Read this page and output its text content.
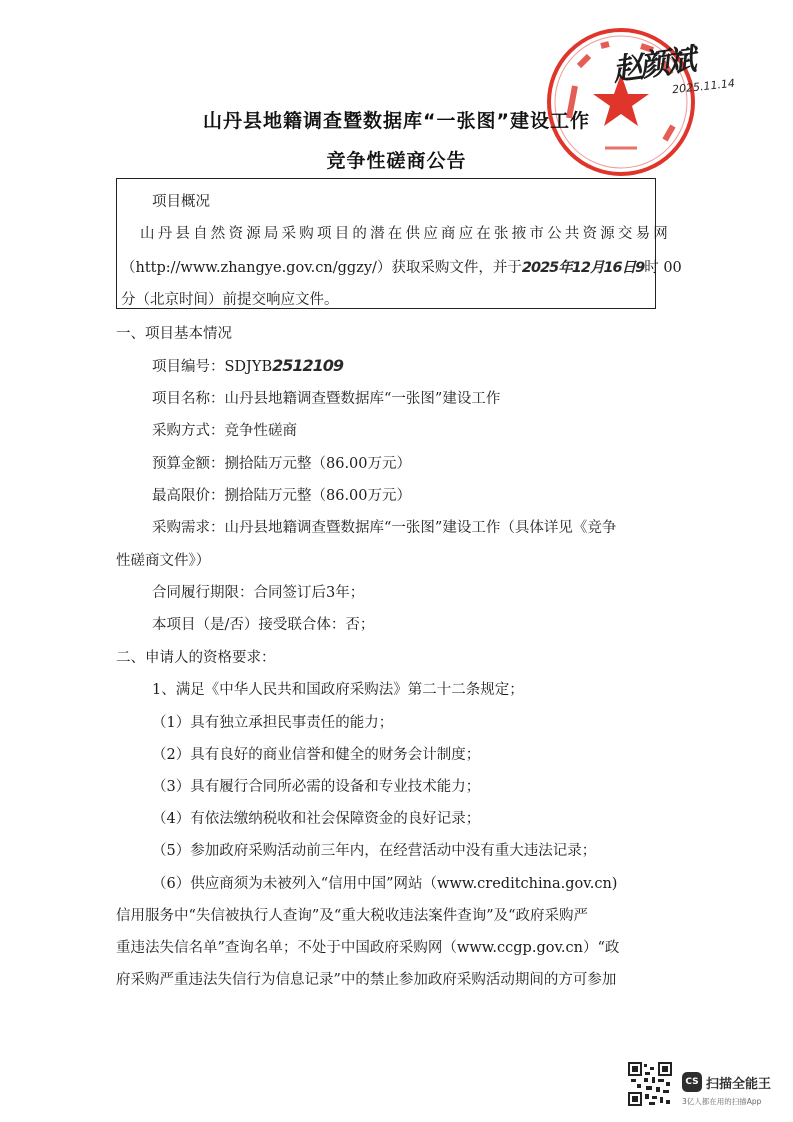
赵颜斌
2025.11.14
山丹县地籍调查暨数据库“一张图”建设工作
竞争性磋商公告
项目概况
山丹县自然资源局采购项目的潜在供应商应在张掖市公共资源交易网
（http://www.zhangye.gov.cn/ggzy/）获取采购文件，并于2025年12月16日9时 00
分（北京时间）前提交响应文件。
一、项目基本情况
项目编号：SDJYB2512109
项目名称：山丹县地籍调查暨数据库“一张图”建设工作
采购方式：竞争性磋商
预算金额：捌拾陆万元整（86.00万元）
最高限价：捌拾陆万元整（86.00万元）
采购需求：山丹县地籍调查暨数据库“一张图”建设工作（具体详见《竞争
性磋商文件》）
合同履行期限：合同签订后3年；
本项目（是/否）接受联合体：否；
二、申请人的资格要求：
1、满足《中华人民共和国政府采购法》第二十二条规定；
（1）具有独立承担民事责任的能力；
（2）具有良好的商业信誉和健全的财务会计制度；
（3）具有履行合同所必需的设备和专业技术能力；
（4）有依法缴纳税收和社会保障资金的良好记录；
（5）参加政府采购活动前三年内，在经营活动中没有重大违法记录；
（6）供应商须为未被列入“信用中国”网站（www.creditchina.gov.cn)
信用服务中“失信被执行人查询”及“重大税收违法案件查询”及“政府采购严
重违法失信名单”查询名单；不处于中国政府采购网（www.ccgp.gov.cn）“政
府采购严重违法失信行为信息记录”中的禁止参加政府采购活动期间的方可参加
CS 扫描全能王
3亿人都在用的扫描App
